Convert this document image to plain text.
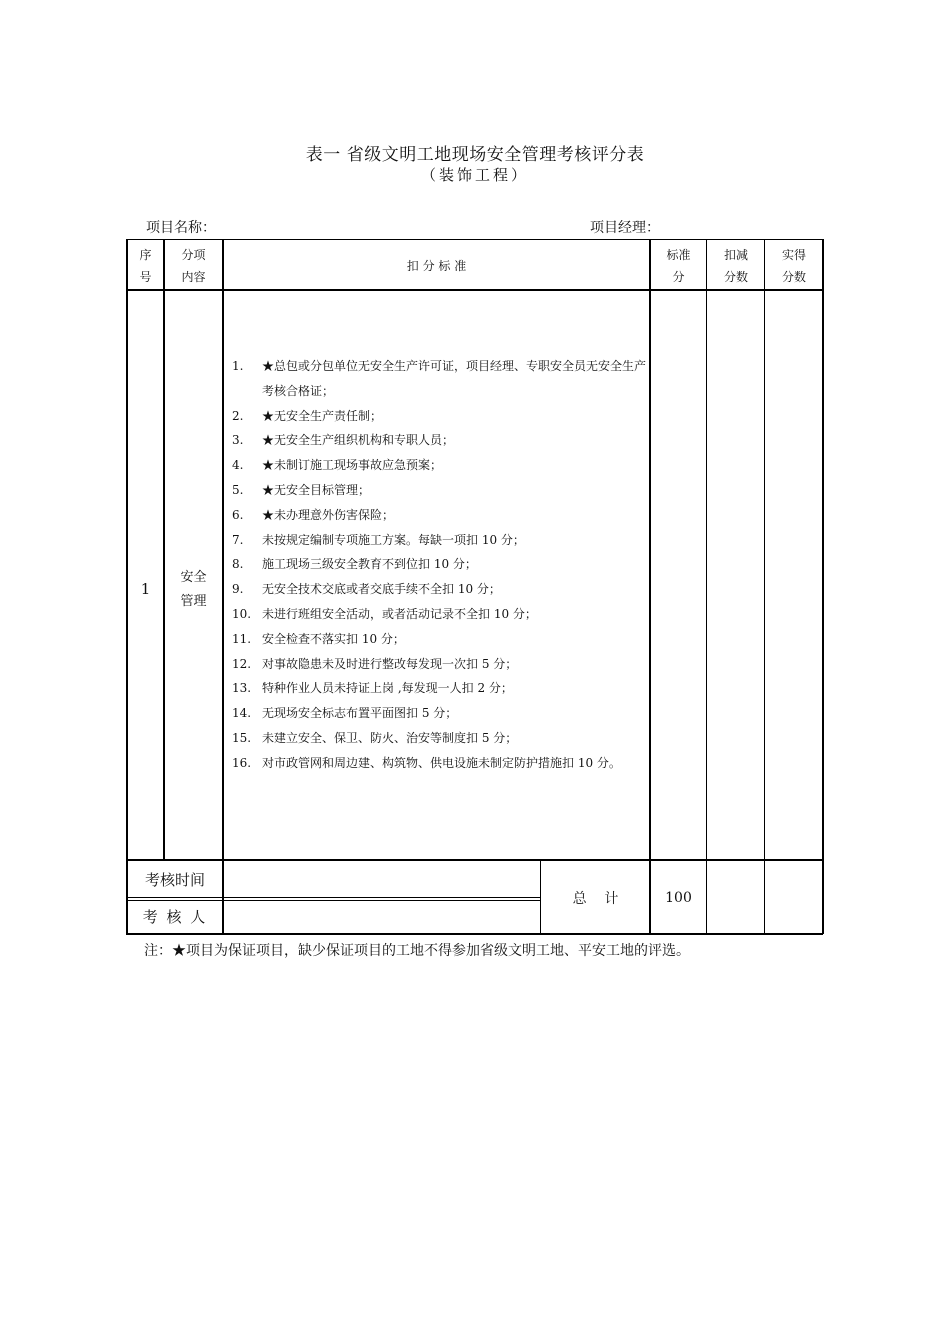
表一 省级文明工地现场安全管理考核评分表
（装饰工程）
项目名称：	项目经理：
序
号
分项
内容
扣 分 标 准
标准
分
扣减
分数
实得
分数
1
安全
管理
1. ★总包或分包单位无安全生产许可证，项目经理、专职安全员无安全生产考核合格证；
2. ★无安全生产责任制；
3. ★无安全生产组织机构和专职人员；
4. ★未制订施工现场事故应急预案；
5. ★无安全目标管理；
6. ★未办理意外伤害保险；
7. 未按规定编制专项施工方案。每缺一项扣 10 分；
8. 施工现场三级安全教育不到位扣 10 分；
9. 无安全技术交底或者交底手续不全扣 10 分；
10. 未进行班组安全活动，或者活动记录不全扣 10 分；
11. 安全检查不落实扣 10 分；
12. 对事故隐患未及时进行整改每发现一次扣 5 分；
13. 特种作业人员未持证上岗 ,每发现一人扣 2 分；
14. 无现场安全标志布置平面图扣 5 分；
15. 未建立安全、保卫、防火、治安等制度扣 5 分；
16. 对市政管网和周边建、构筑物、供电设施未制定防护措施扣 10 分。
考核时间
考 核 人
总    计	100
注：★项目为保证项目，缺少保证项目的工地不得参加省级文明工地、平安工地的评选。
